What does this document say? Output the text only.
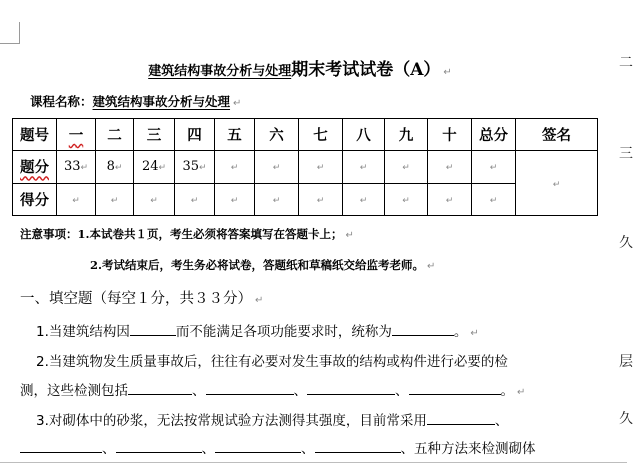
建筑结构事故分析与处理期末考试试卷（A） ↵
课程名称：建筑结构事故分析与处理 ↵
题号	一	二	三	四	五	六	七	八	九	十	总分	签名
题分	33↵	8↵	24↵	35↵	↵	↵	↵	↵	↵	↵	↵	↵
得分	↵	↵	↵	↵	↵	↵	↵	↵	↵	↵	↵	
注意事项：1.本试卷共１页，考生必须将答案填写在答题卡上； ↵
2.考试结束后，考生务必将试卷，答题纸和草稿纸交给监考老师。 ↵
一、填空题（每空１分，共３３分） ↵
1.当建筑结构因	而不能满足各项功能要求时，统称为	。 ↵
2.当建筑物发生质量事故后，往往有必要对发生事故的结构或构件进行必要的检
测，这些检测包括	、	、	、	。 ↵
3.对砌体中的砂浆，无法按常规试验方法测得其强度，目前常采用	、
、	、	、	、五种方法来检测砌体
二
三
久
层
久
